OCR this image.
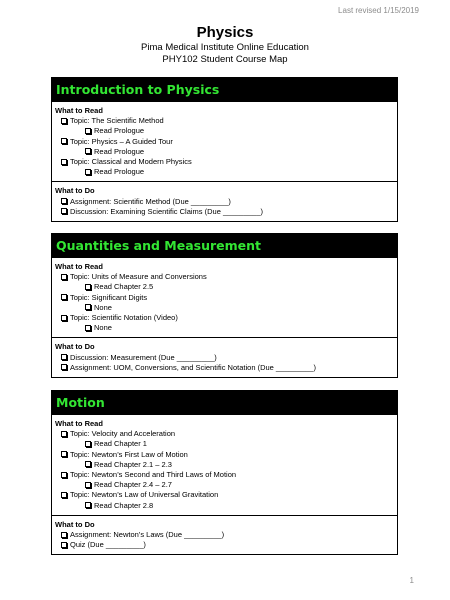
Last revised 1/15/2019
Physics
Pima Medical Institute Online Education
PHY102 Student Course Map
Introduction to Physics
What to Read
Topic: The Scientific Method
Read Prologue
Topic: Physics – A Guided Tour
Read Prologue
Topic: Classical and Modern Physics
Read Prologue
What to Do
Assignment: Scientific Method (Due _________)
Discussion: Examining Scientific Claims (Due _________)
Quantities and Measurement
What to Read
Topic: Units of Measure and Conversions
Read Chapter 2.5
Topic: Significant Digits
None
Topic: Scientific Notation (Video)
None
What to Do
Discussion: Measurement (Due _________)
Assignment: UOM, Conversions, and Scientific Notation (Due _________)
Motion
What to Read
Topic: Velocity and Acceleration
Read Chapter 1
Topic: Newton’s First Law of Motion
Read Chapter 2.1 – 2.3
Topic: Newton’s Second and Third Laws of Motion
Read Chapter 2.4 – 2.7
Topic: Newton’s Law of Universal Gravitation
Read Chapter 2.8
What to Do
Assignment: Newton’s Laws (Due _________)
Quiz (Due _________)
1
